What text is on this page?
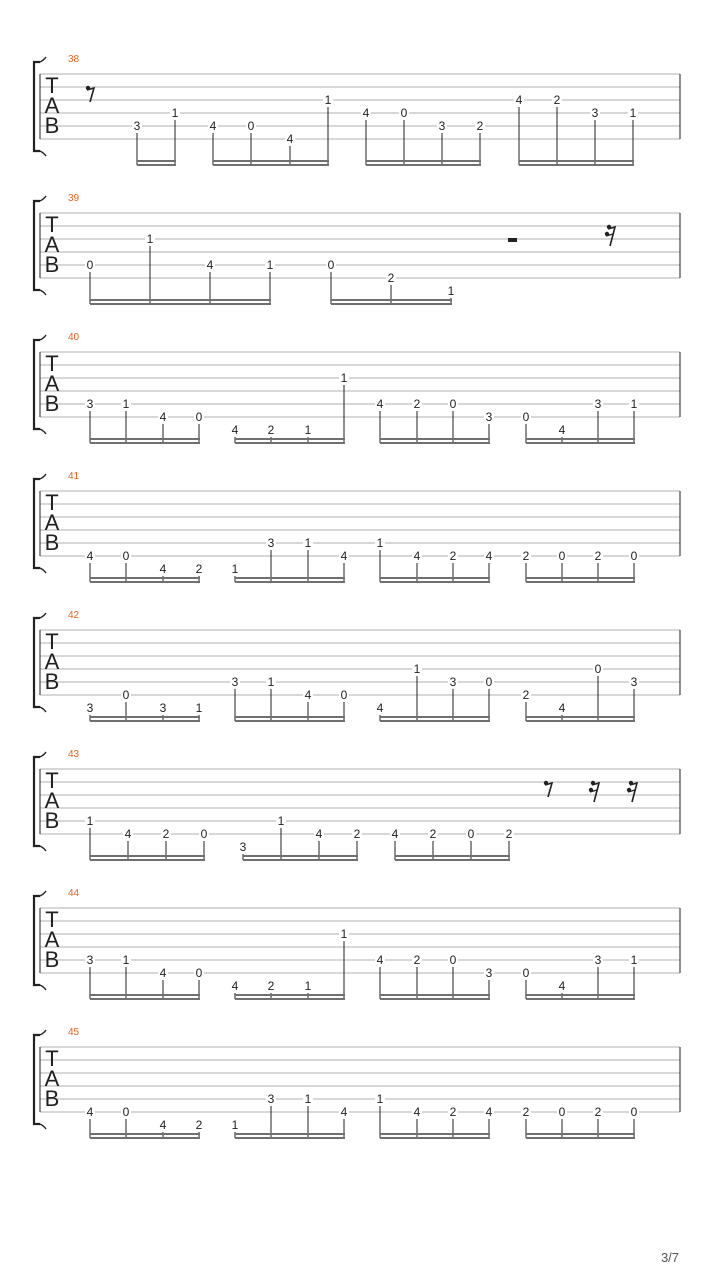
T
A
B
38
3
1
4	0
4
1
4	0
3	2
4	2
3	1
T
A
B
39
0
1
4	1	0
2
1
T
A
B
40
3 1
4 0
4 2	1
1
4	2 0
3	0
4
3 1
T
A
B
41
4 0
4 2 1
3	1
4
1
4 2 4	2 0 2 0
T
A
B
42
3
0
3 1
3 1
4 0
4
1
3 0
2
4
0
3
T
A
B
43
1
4	2	0
3
1
4	2	4	2	0	2
T
A
B
44
3 1
4 0
4 2	1
1
4	2 0
3	0
4
3 1
T
A
B
45
4 0
4 2 1
3	1
4
1
4 2 4	2 0 2 0
3/7
